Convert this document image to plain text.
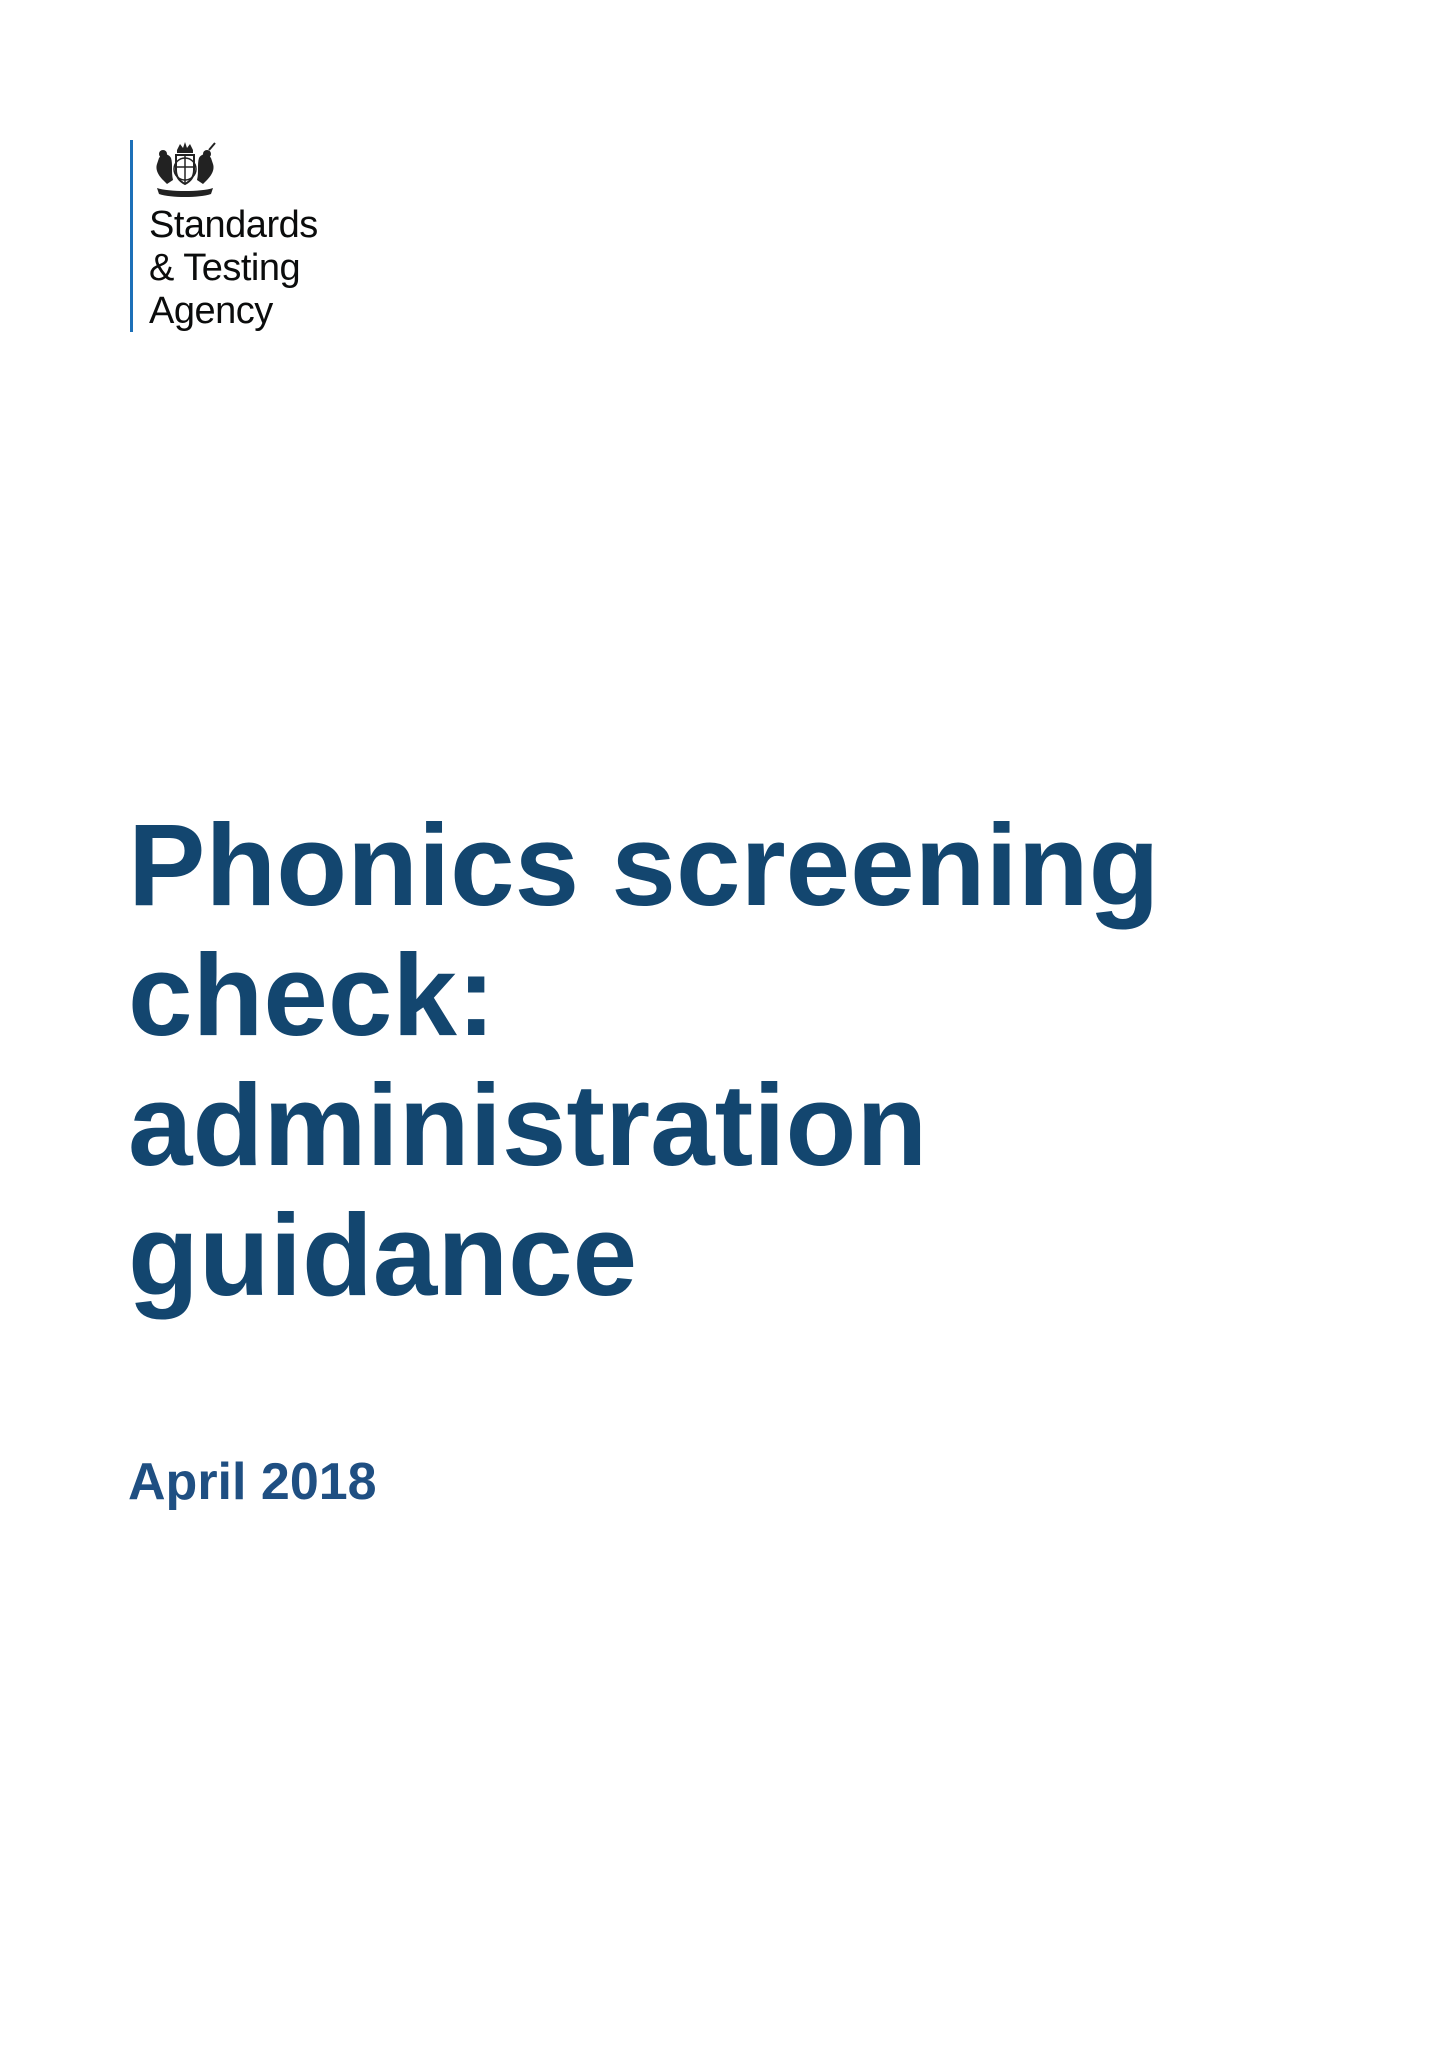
Standards
& Testing
Agency
Phonics screening
check:
administration
guidance

April 2018
